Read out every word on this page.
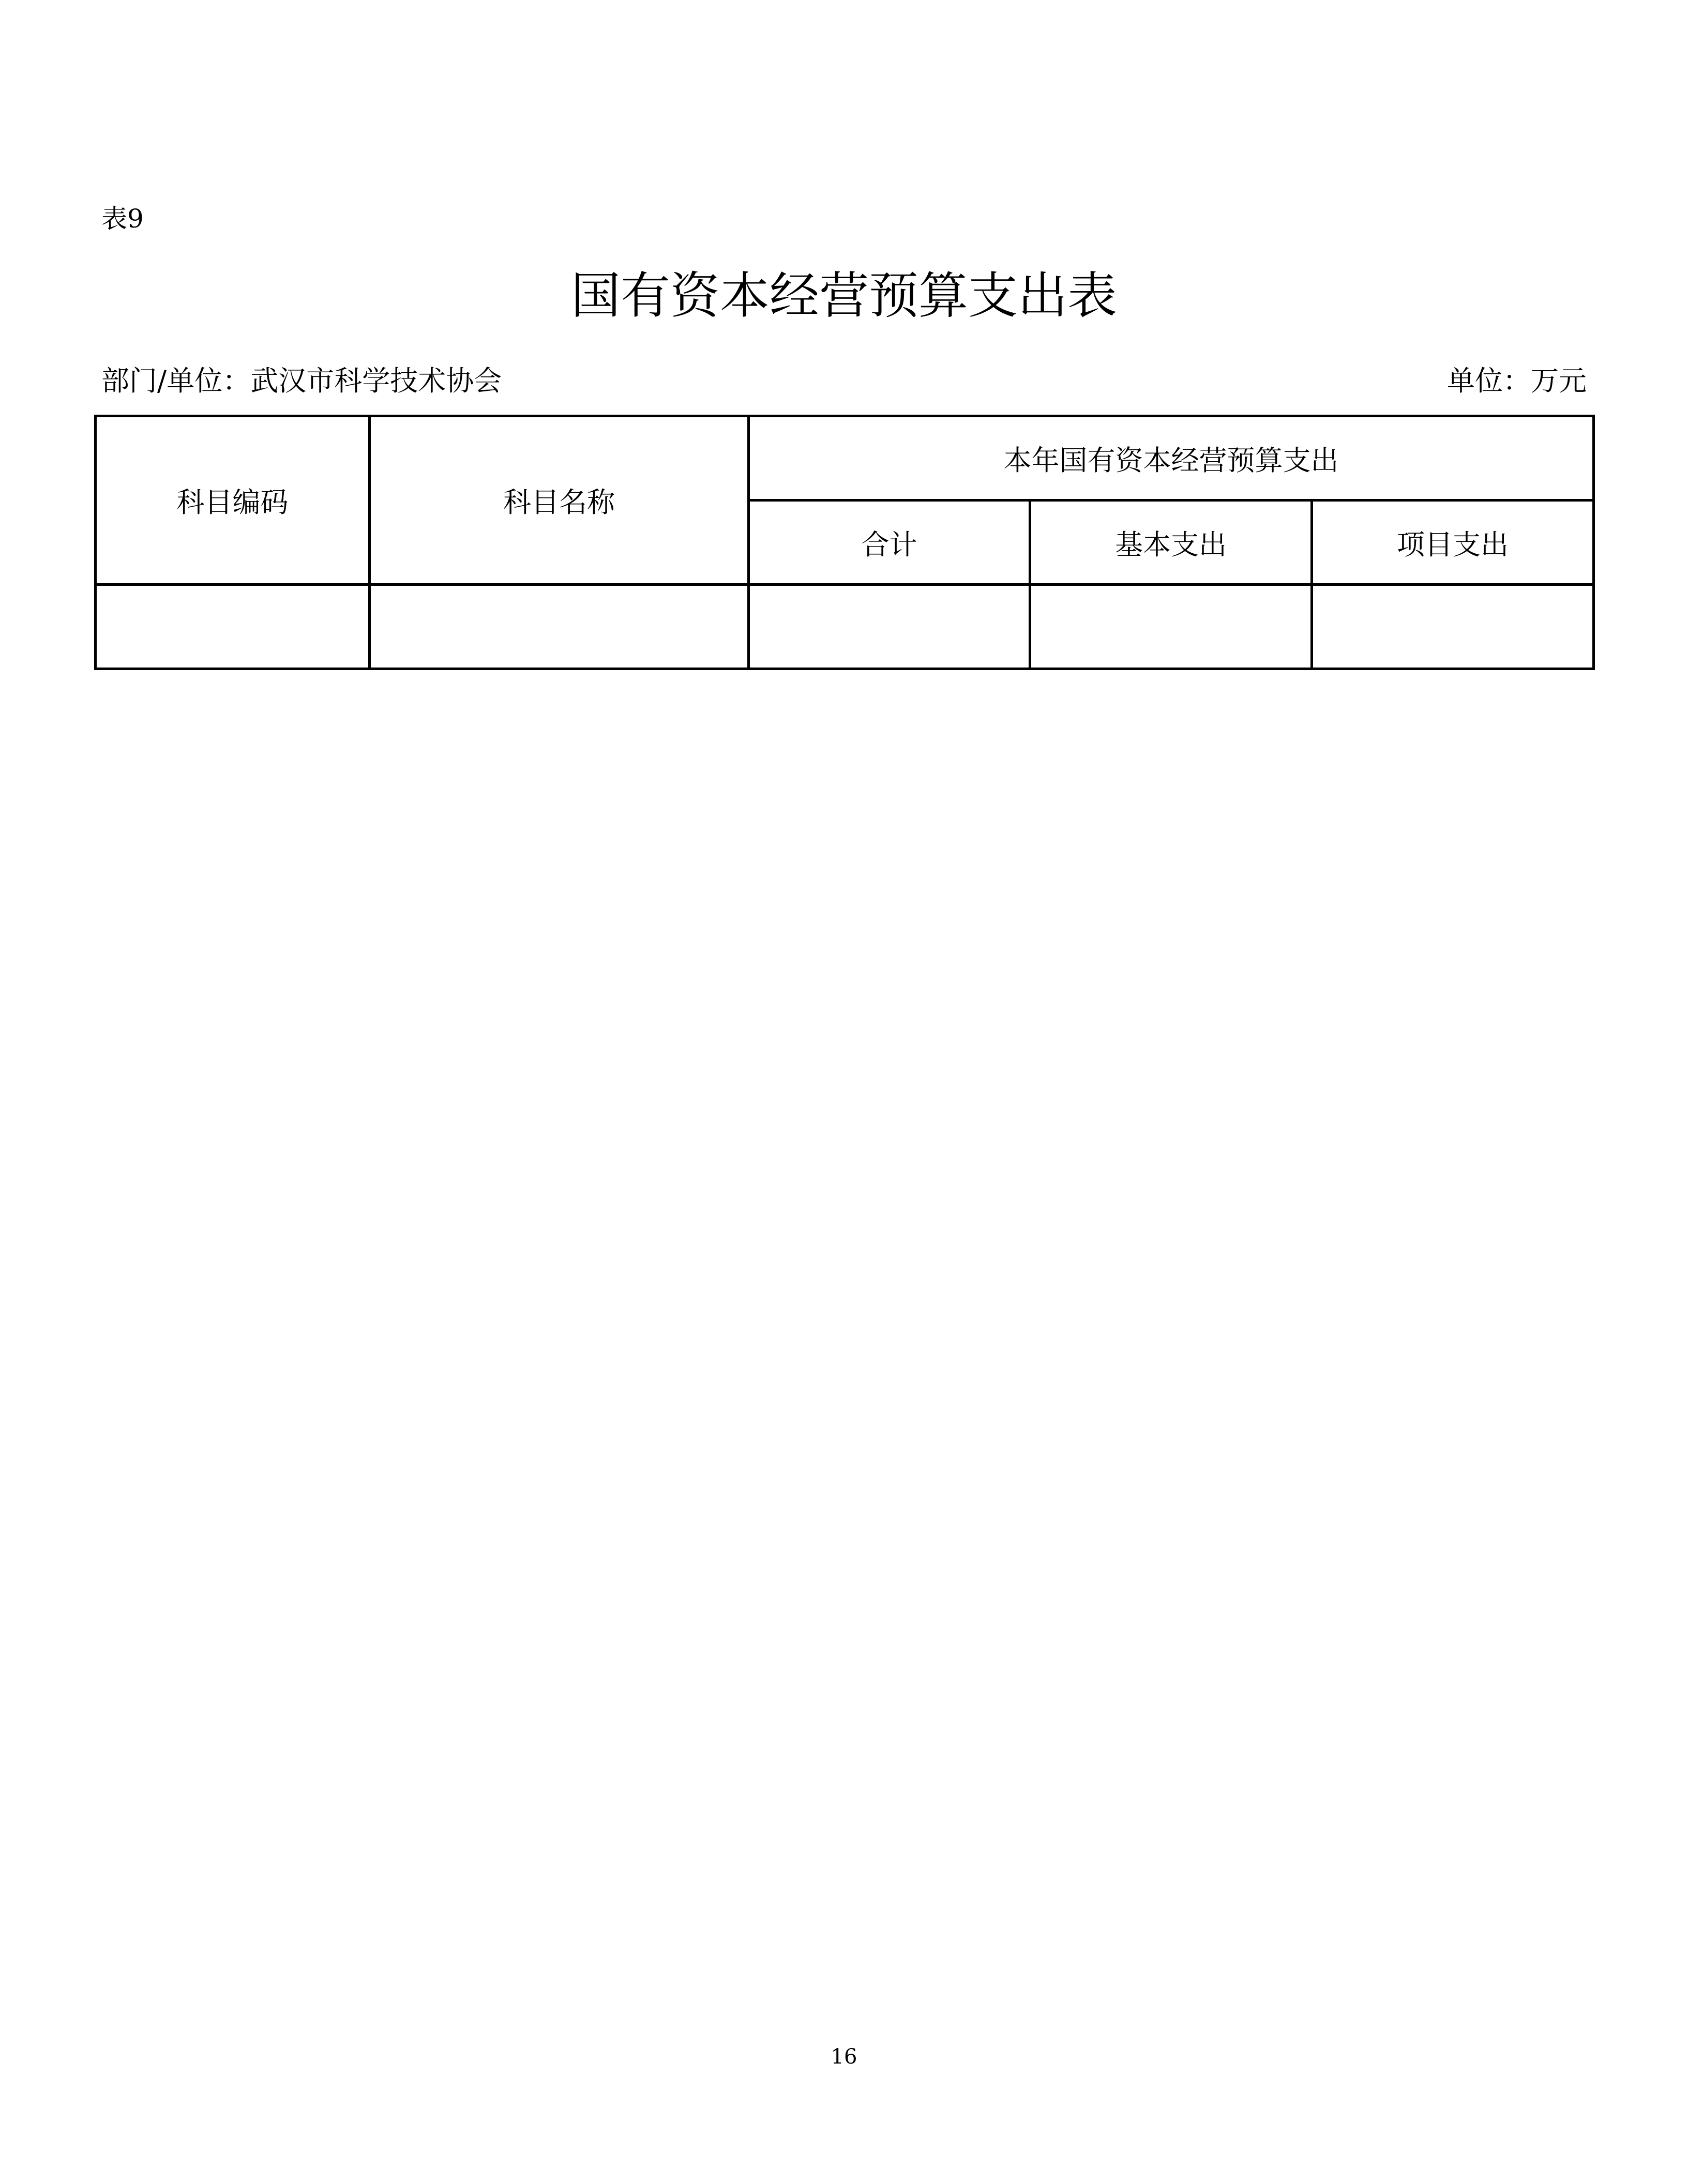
表9
国有资本经营预算支出表
部门/单位：武汉市科学技术协会	单位：万元
科目编码	科目名称	本年国有资本经营预算支出		
		合计	基本支出	项目支出

16
